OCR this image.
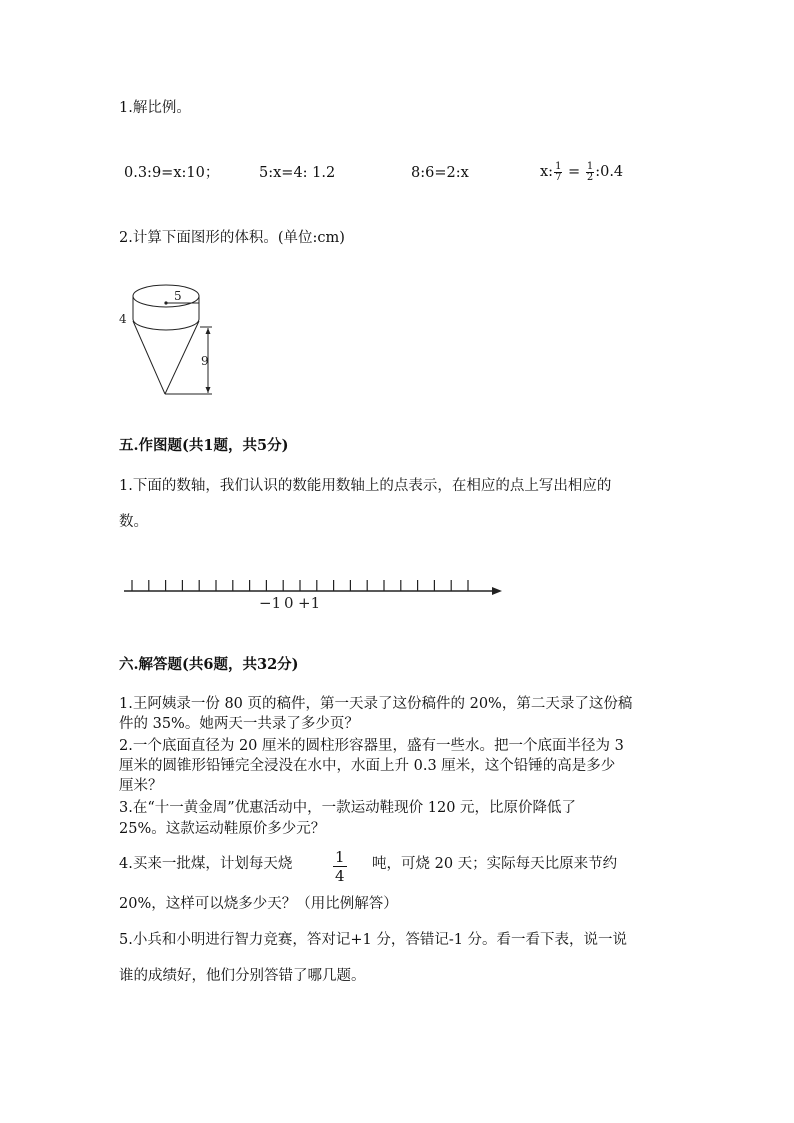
1.解比例。
0.3:9=x:10；	5:x=4: 1.2	8:6=2:x	x: $\frac{1}{7} = \frac{1}{2}$ :0.4
2.计算下面图形的体积。(单位:cm)
5
4
9
五.作图题(共1题，共5分)
1.下面的数轴，我们认识的数能用数轴上的点表示，在相应的点上写出相应的
数。
−1 0 +1
六.解答题(共6题，共32分)
1.王阿姨录一份 80 页的稿件，第一天录了这份稿件的 20%，第二天录了这份稿
件的 35%。她两天一共录了多少页？
2.一个底面直径为 20 厘米的圆柱形容器里，盛有一些水。把一个底面半径为 3
厘米的圆锥形铅锤完全浸没在水中，水面上升 0.3 厘米，这个铅锤的高是多少
厘米？
3.在“十一黄金周”优惠活动中，一款运动鞋现价 120 元，比原价降低了
25%。这款运动鞋原价多少元？
4.买来一批煤，计划每天烧	$\frac{1}{4}$ 吨，可烧 20 天；实际每天比原来节约
20%，这样可以烧多少天？（用比例解答）
5.小兵和小明进行智力竞赛，答对记+1 分，答错记-1 分。看一看下表，说一说
谁的成绩好，他们分别答错了哪几题。
